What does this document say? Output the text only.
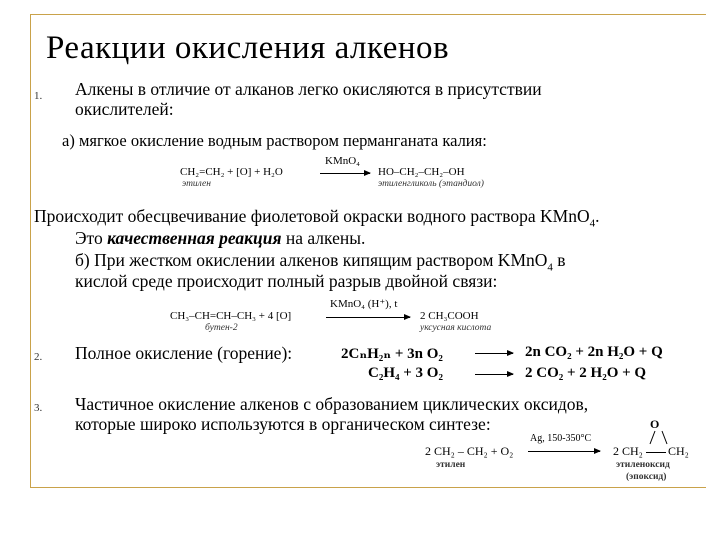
Реакции окисления алкенов
1. Алкены в отличие от алканов легко окисляются в присутствии
окислителей:
а) мягкое окисление водным раствором перманганата калия:
CH₂=CH₂ + [O] + H₂O
KMnO₄
→ HO–CH₂–CH₂–OH
этилен	этиленгликоль (этандиол)
Происходит обесцвечивание фиолетовой окраски водного раствора KMnO$_4$.
Это качественная реакция на алкены.
б) При жестком окислении алкенов кипящим раствором KMnO$_4$ в
кислой среде происходит полный разрыв двойной связи:
CH₃–CH=CH–CH₃ + 4 [O]
KMnO₄ (H⁺), t
2 CH₃COOH
бутен-2	уксусная кислота
2. Полное окисление (горение):	2CₙH₂ₙ + 3n O₂	2n CO₂ + 2n H₂O + Q
C₂H₄ + 3 O₂	2 CO₂ + 2 H₂O + Q
3. Частичное окисление алкенов с образованием циклических оксидов,
которые широко используются в органическом синтезе:
2 CH₂ – CH₂ + O₂
Ag, 150-350°C
O
2 CH₂ CH₂
этилен	этиленоксид
(эпоксид)
